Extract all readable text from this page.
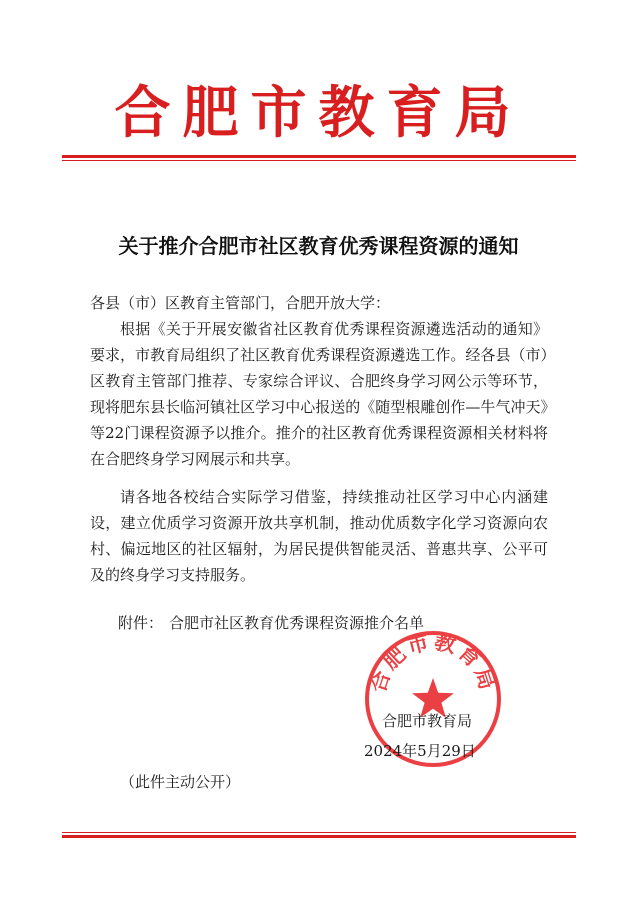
合肥市教育局
关于推介合肥市社区教育优秀课程资源的通知
各县（市）区教育主管部门，合肥开放大学：

根据《关于开展安徽省社区教育优秀课程资源遴选活动的通知》要求，市教育局组织了社区教育优秀课程资源遴选工作。经各县（市）区教育主管部门推荐、专家综合评议、合肥终身学习网公示等环节，现将肥东县长临河镇社区学习中心报送的《随型根雕创作—牛气冲天》等22门课程资源予以推介。推介的社区教育优秀课程资源相关材料将在合肥终身学习网展示和共享。

请各地各校结合实际学习借鉴，持续推动社区学习中心内涵建设，建立优质学习资源开放共享机制，推动优质数字化学习资源向农村、偏远地区的社区辐射，为居民提供智能灵活、普惠共享、公平可及的终身学习支持服务。

附件： 合肥市社区教育优秀课程资源推介名单
合肥市教育局
合肥市教育局
2024年5月29日
（此件主动公开）
